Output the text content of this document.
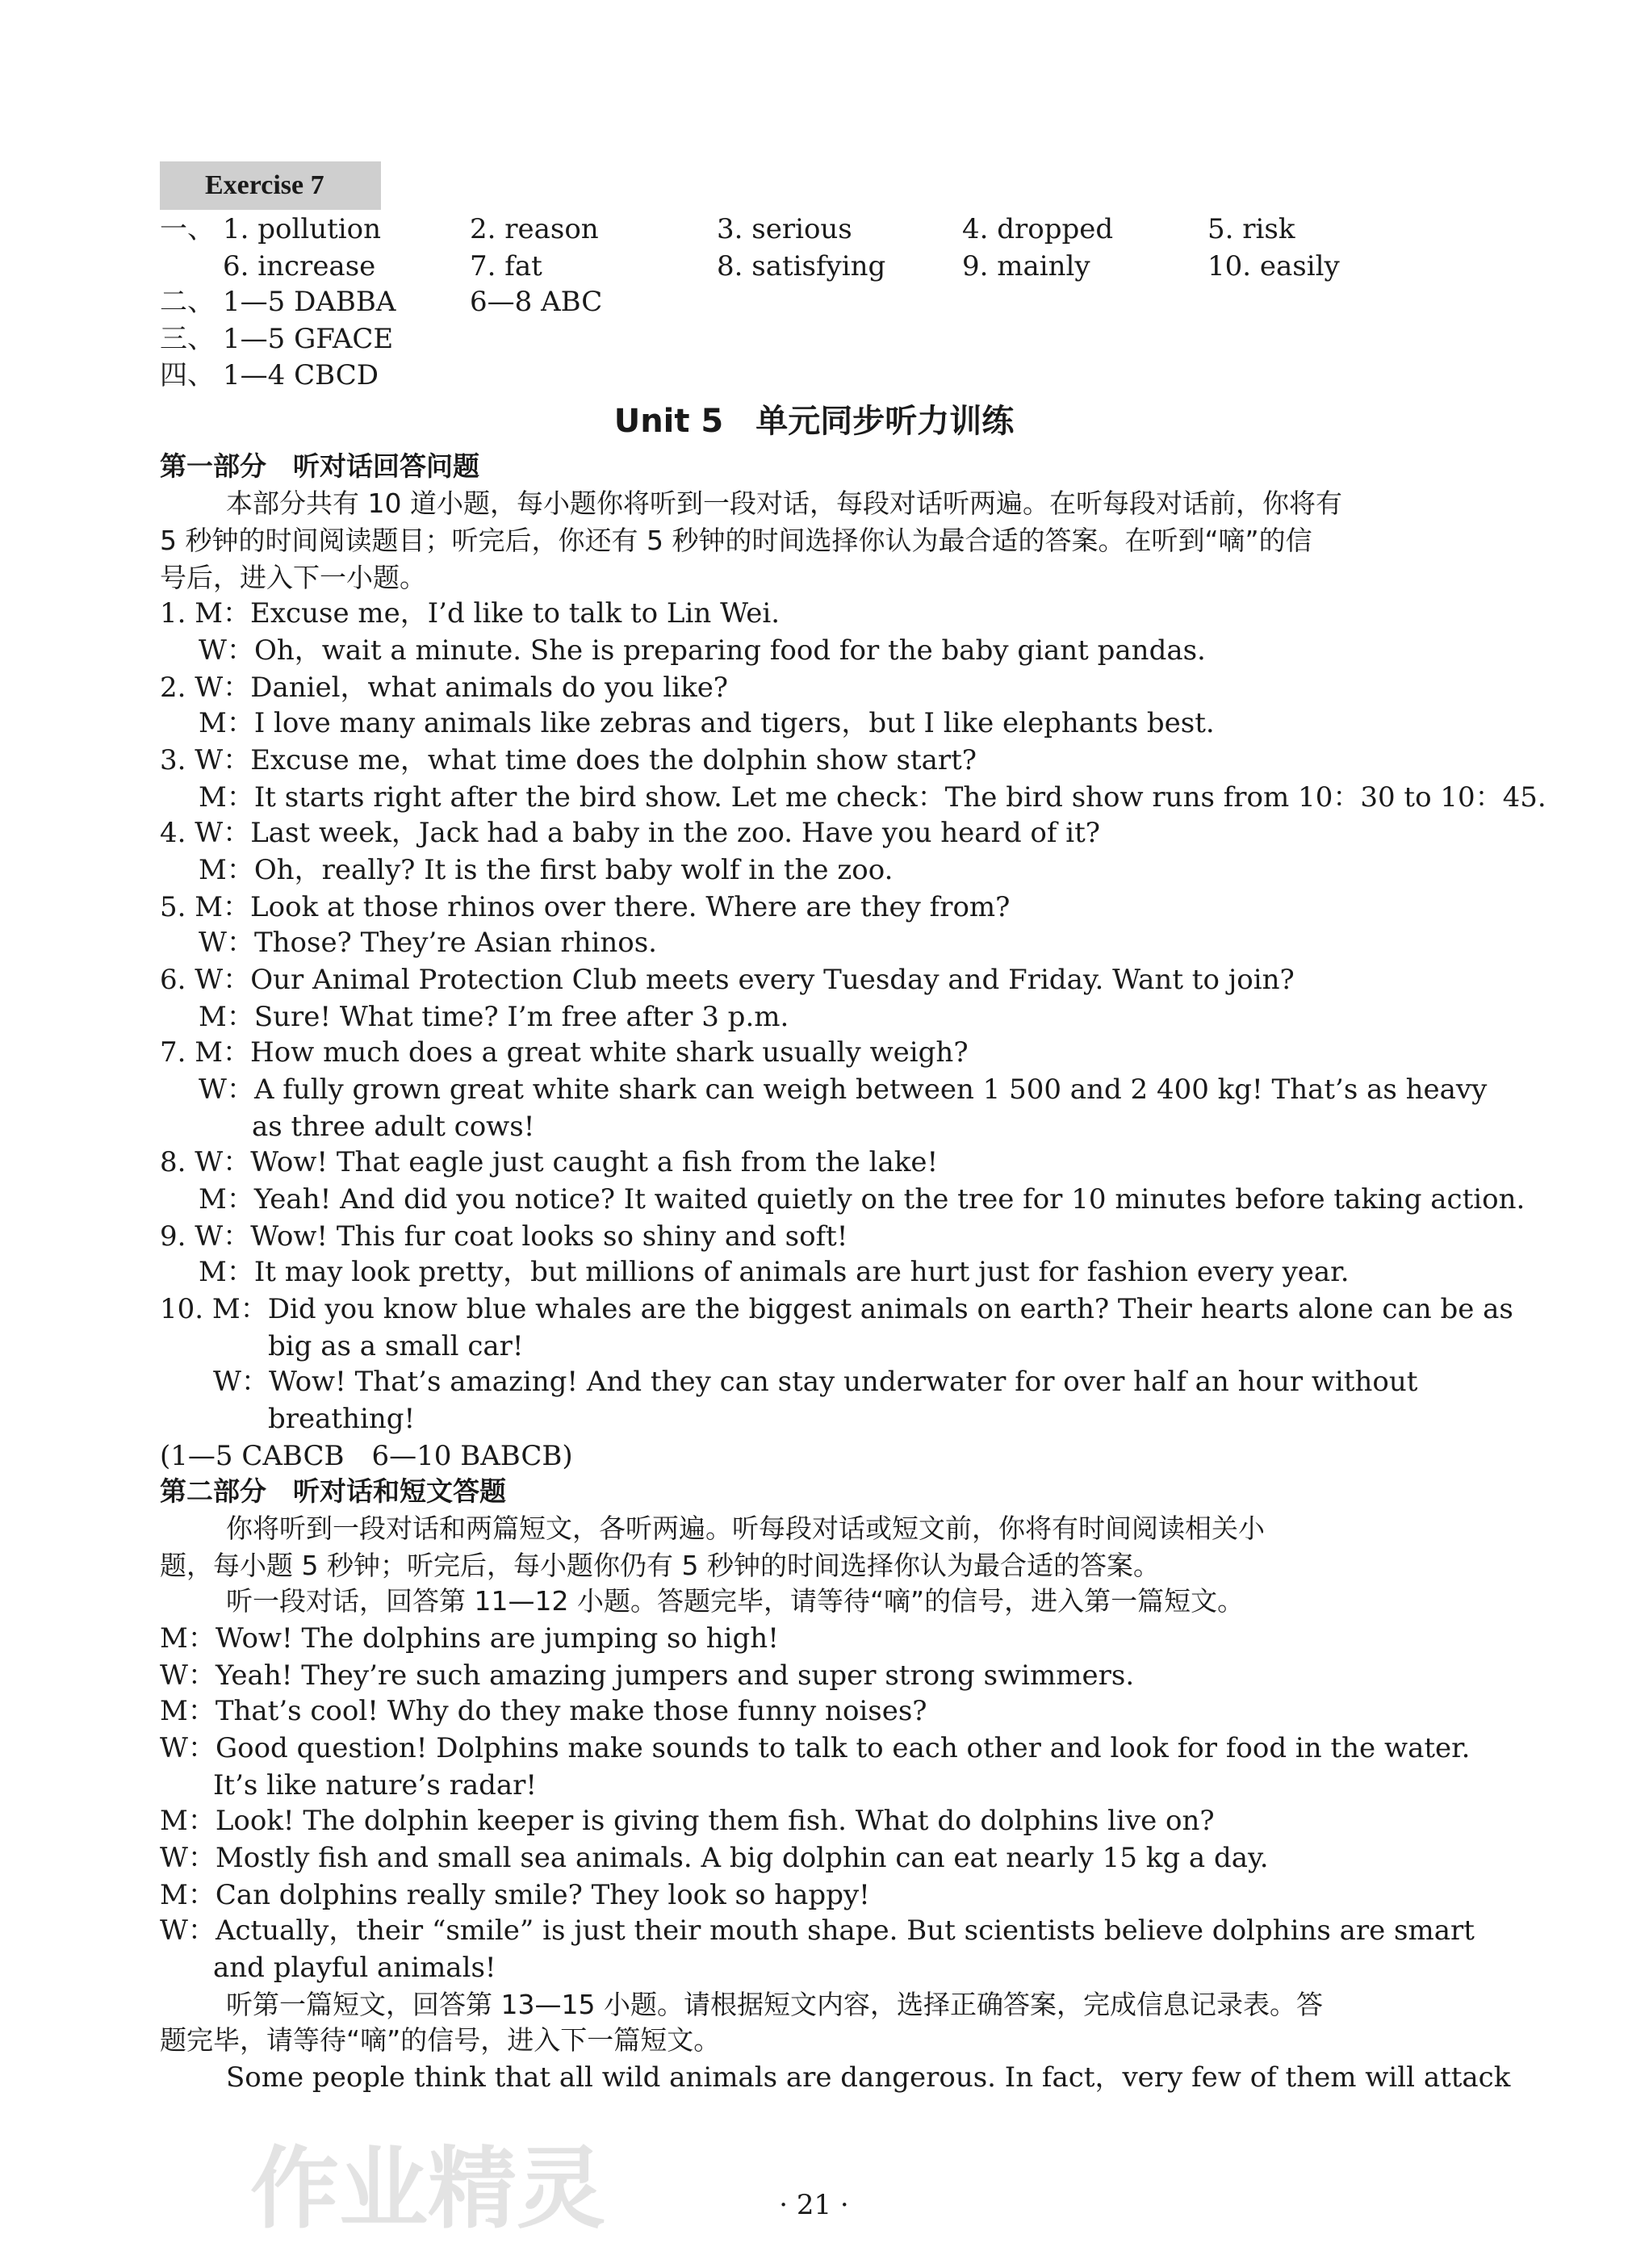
Exercise 7
一、 1. pollution	2. reason	3. serious	4. dropped	5. risk
6. increase	7. fat	8. satisfying	9. mainly	10. easily
二、 1—5 DABBA	6—8 ABC
三、 1—5 GFACE
四、 1—4 CBCD
Unit 5　单元同步听力训练
第一部分　听对话回答问题
本部分共有 10 道小题，每小题你将听到一段对话，每段对话听两遍。在听每段对话前，你将有
5 秒钟的时间阅读题目；听完后，你还有 5 秒钟的时间选择你认为最合适的答案。在听到“嘀”的信
号后，进入下一小题。
1. M：Excuse me，I’d like to talk to Lin Wei.
W：Oh，wait a minute. She is preparing food for the baby giant pandas.
2. W：Daniel，what animals do you like?
M：I love many animals like zebras and tigers，but I like elephants best.
3. W：Excuse me，what time does the dolphin show start?
M：It starts right after the bird show. Let me check：The bird show runs from 10：30 to 10：45.
4. W：Last week，Jack had a baby in the zoo. Have you heard of it?
M：Oh，really? It is the first baby wolf in the zoo.
5. M：Look at those rhinos over there. Where are they from?
W：Those? They’re Asian rhinos.
6. W：Our Animal Protection Club meets every Tuesday and Friday. Want to join?
M：Sure! What time? I’m free after 3 p.m.
7. M：How much does a great white shark usually weigh?
W：A fully grown great white shark can weigh between 1 500 and 2 400 kg! That’s as heavy
as three adult cows!
8. W：Wow! That eagle just caught a fish from the lake!
M：Yeah! And did you notice? It waited quietly on the tree for 10 minutes before taking action.
9. W：Wow! This fur coat looks so shiny and soft!
M：It may look pretty，but millions of animals are hurt just for fashion every year.
10. M：Did you know blue whales are the biggest animals on earth? Their hearts alone can be as
big as a small car!
W：Wow! That’s amazing! And they can stay underwater for over half an hour without
breathing!
(1—5 CABCB　6—10 BABCB)
第二部分　听对话和短文答题
你将听到一段对话和两篇短文，各听两遍。听每段对话或短文前，你将有时间阅读相关小
题，每小题 5 秒钟；听完后，每小题你仍有 5 秒钟的时间选择你认为最合适的答案。
听一段对话，回答第 11—12 小题。答题完毕，请等待“嘀”的信号，进入第一篇短文。
M：Wow! The dolphins are jumping so high!
W：Yeah! They’re such amazing jumpers and super strong swimmers.
M：That’s cool! Why do they make those funny noises?
W：Good question! Dolphins make sounds to talk to each other and look for food in the water.
It’s like nature’s radar!
M：Look! The dolphin keeper is giving them fish. What do dolphins live on?
W：Mostly fish and small sea animals. A big dolphin can eat nearly 15 kg a day.
M：Can dolphins really smile? They look so happy!
W：Actually，their “smile” is just their mouth shape. But scientists believe dolphins are smart
and playful animals!
听第一篇短文，回答第 13—15 小题。请根据短文内容，选择正确答案，完成信息记录表。答
题完毕，请等待“嘀”的信号，进入下一篇短文。
Some people think that all wild animals are dangerous. In fact，very few of them will attack
作业精灵	· 21 ·
